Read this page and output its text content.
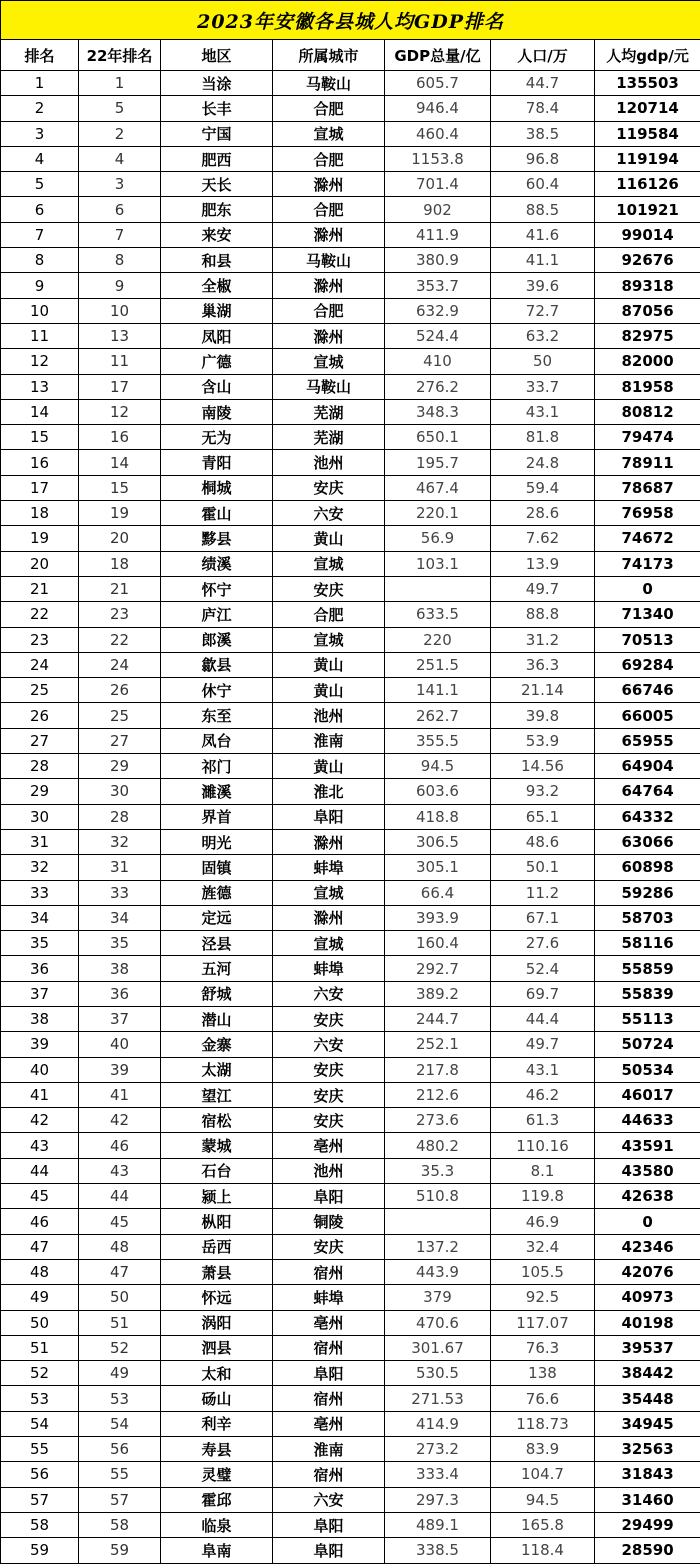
2023年安徽各县城人均GDP排名						
排名	22年排名	地区	所属城市	GDP总量/亿	人口/万	人均gdp/元
1	1	当涂	马鞍山	605.7	44.7	135503
2	5	长丰	合肥	946.4	78.4	120714
3	2	宁国	宣城	460.4	38.5	119584
4	4	肥西	合肥	1153.8	96.8	119194
5	3	天长	滁州	701.4	60.4	116126
6	6	肥东	合肥	902	88.5	101921
7	7	来安	滁州	411.9	41.6	99014
8	8	和县	马鞍山	380.9	41.1	92676
9	9	全椒	滁州	353.7	39.6	89318
10	10	巢湖	合肥	632.9	72.7	87056
11	13	凤阳	滁州	524.4	63.2	82975
12	11	广德	宣城	410	50	82000
13	17	含山	马鞍山	276.2	33.7	81958
14	12	南陵	芜湖	348.3	43.1	80812
15	16	无为	芜湖	650.1	81.8	79474
16	14	青阳	池州	195.7	24.8	78911
17	15	桐城	安庆	467.4	59.4	78687
18	19	霍山	六安	220.1	28.6	76958
19	20	黟县	黄山	56.9	7.62	74672
20	18	绩溪	宣城	103.1	13.9	74173
21	21	怀宁	安庆		49.7	0
22	23	庐江	合肥	633.5	88.8	71340
23	22	郎溪	宣城	220	31.2	70513
24	24	歙县	黄山	251.5	36.3	69284
25	26	休宁	黄山	141.1	21.14	66746
26	25	东至	池州	262.7	39.8	66005
27	27	凤台	淮南	355.5	53.9	65955
28	29	祁门	黄山	94.5	14.56	64904
29	30	濉溪	淮北	603.6	93.2	64764
30	28	界首	阜阳	418.8	65.1	64332
31	32	明光	滁州	306.5	48.6	63066
32	31	固镇	蚌埠	305.1	50.1	60898
33	33	旌德	宣城	66.4	11.2	59286
34	34	定远	滁州	393.9	67.1	58703
35	35	泾县	宣城	160.4	27.6	58116
36	38	五河	蚌埠	292.7	52.4	55859
37	36	舒城	六安	389.2	69.7	55839
38	37	潜山	安庆	244.7	44.4	55113
39	40	金寨	六安	252.1	49.7	50724
40	39	太湖	安庆	217.8	43.1	50534
41	41	望江	安庆	212.6	46.2	46017
42	42	宿松	安庆	273.6	61.3	44633
43	46	蒙城	亳州	480.2	110.16	43591
44	43	石台	池州	35.3	8.1	43580
45	44	颍上	阜阳	510.8	119.8	42638
46	45	枞阳	铜陵		46.9	0
47	48	岳西	安庆	137.2	32.4	42346
48	47	萧县	宿州	443.9	105.5	42076
49	50	怀远	蚌埠	379	92.5	40973
50	51	涡阳	亳州	470.6	117.07	40198
51	52	泗县	宿州	301.67	76.3	39537
52	49	太和	阜阳	530.5	138	38442
53	53	砀山	宿州	271.53	76.6	35448
54	54	利辛	亳州	414.9	118.73	34945
55	56	寿县	淮南	273.2	83.9	32563
56	55	灵璧	宿州	333.4	104.7	31843
57	57	霍邱	六安	297.3	94.5	31460
58	58	临泉	阜阳	489.1	165.8	29499
59	59	阜南	阜阳	338.5	118.4	28590
